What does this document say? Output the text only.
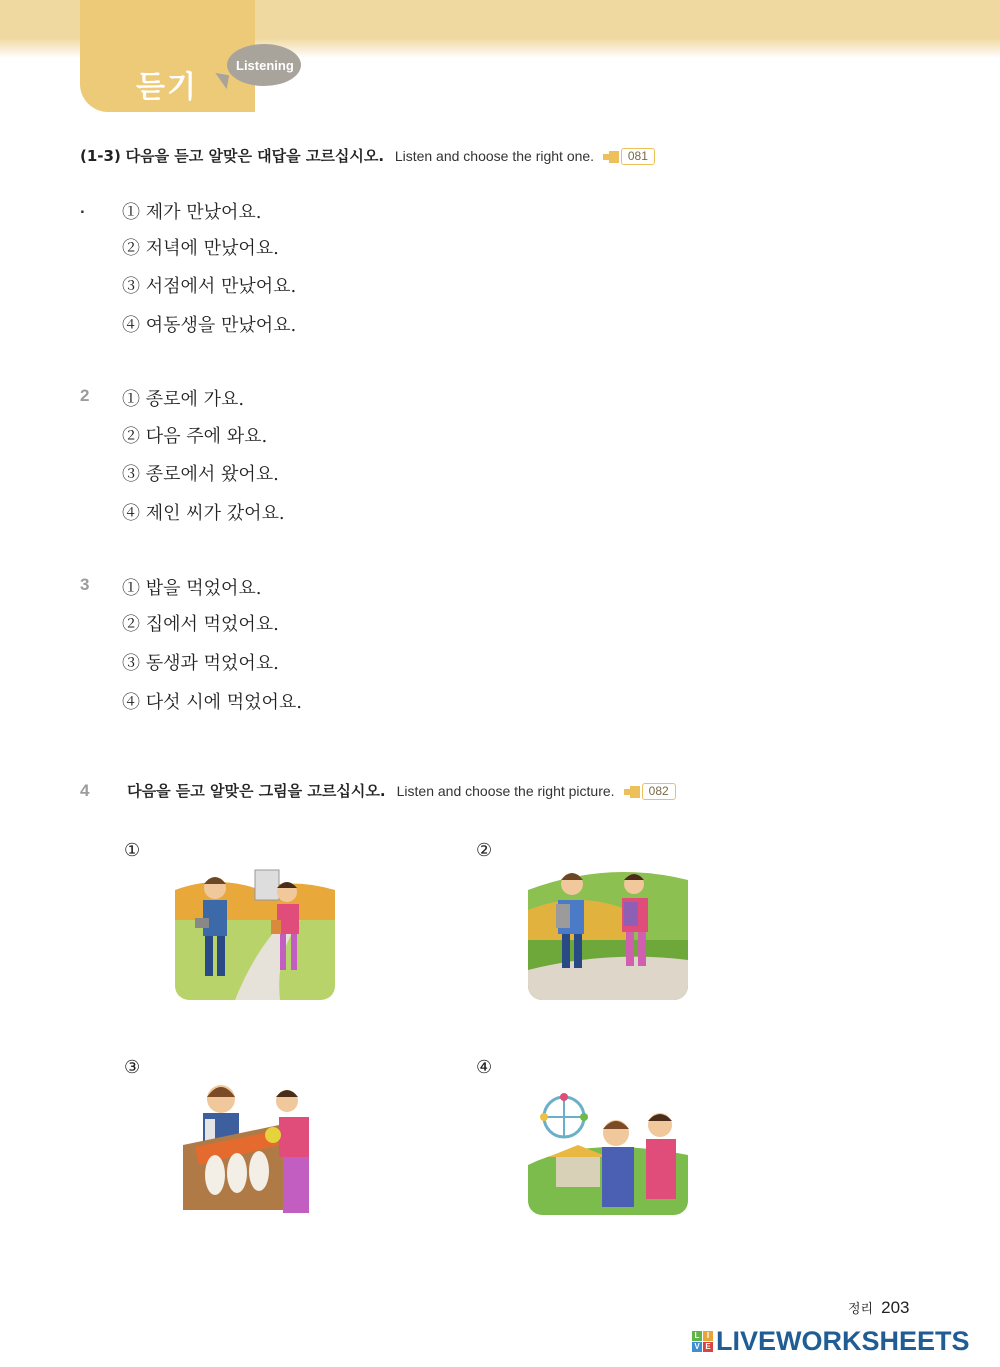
듣기
Listening
(1-3) 다음을 듣고 알맞은 대답을 고르십시오. Listen and choose the right one.	081
. ① 제가 만났어요.
② 저녁에 만났어요.
③ 서점에서 만났어요.
④ 여동생을 만났어요.
2 ① 종로에 가요.
② 다음 주에 와요.
③ 종로에서 왔어요.
④ 제인 씨가 갔어요.
3 ① 밥을 먹었어요.
② 집에서 먹었어요.
③ 동생과 먹었어요.
④ 다섯 시에 먹었어요.
4	다음을 듣고 알맞은 그림을 고르십시오. Listen and choose the right picture.	082
①	②
③	④
정리 203
L I
V E LIVEWORKSHEETS
